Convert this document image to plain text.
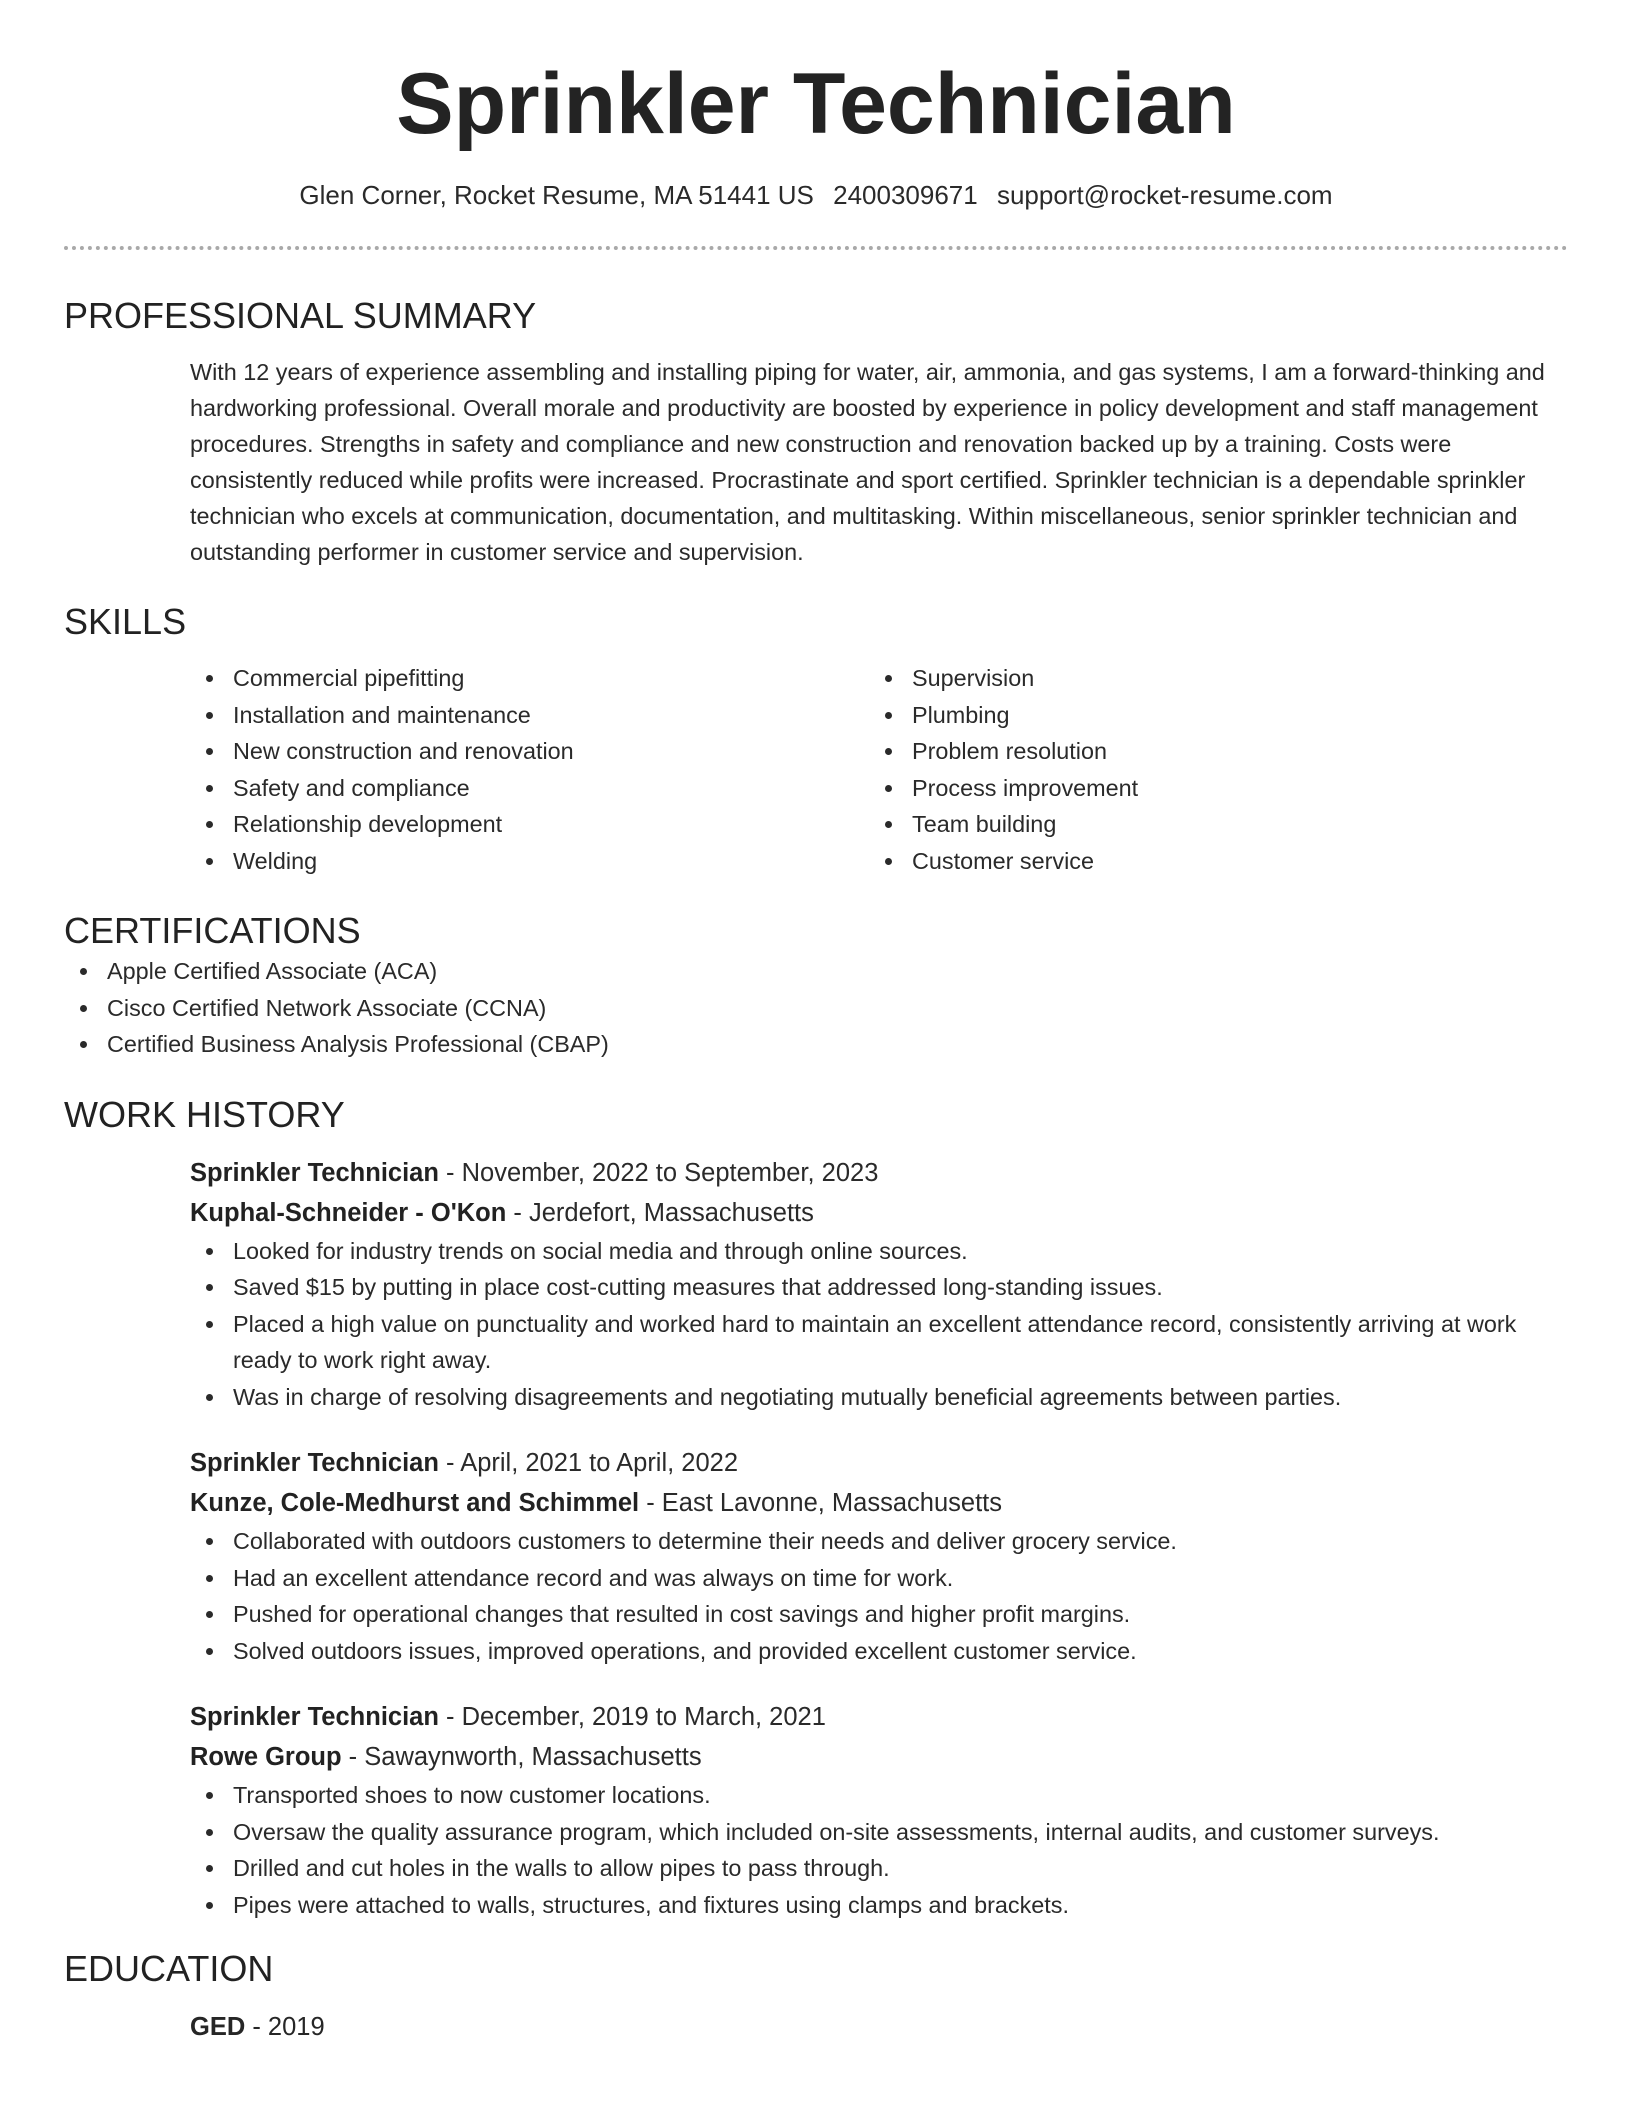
Sprinkler Technician
Glen Corner, Rocket Resume, MA 51441 US 2400309671 support@rocket-resume.com
PROFESSIONAL SUMMARY
With 12 years of experience assembling and installing piping for water, air, ammonia, and gas systems, I am a forward-thinking and hardworking professional. Overall morale and productivity are boosted by experience in policy development and staff management procedures. Strengths in safety and compliance and new construction and renovation backed up by a training. Costs were consistently reduced while profits were increased. Procrastinate and sport certified. Sprinkler technician is a dependable sprinkler technician who excels at communication, documentation, and multitasking. Within miscellaneous, senior sprinkler technician and outstanding performer in customer service and supervision.
SKILLS
Commercial pipefitting
Installation and maintenance
New construction and renovation
Safety and compliance
Relationship development
Welding
Supervision
Plumbing
Problem resolution
Process improvement
Team building
Customer service
CERTIFICATIONS
Apple Certified Associate (ACA)
Cisco Certified Network Associate (CCNA)
Certified Business Analysis Professional (CBAP)
WORK HISTORY
Sprinkler Technician - November, 2022 to September, 2023
Kuphal-Schneider - O'Kon - Jerdefort, Massachusetts
Looked for industry trends on social media and through online sources.
Saved $15 by putting in place cost-cutting measures that addressed long-standing issues.
Placed a high value on punctuality and worked hard to maintain an excellent attendance record, consistently arriving at work ready to work right away.
Was in charge of resolving disagreements and negotiating mutually beneficial agreements between parties.
Sprinkler Technician - April, 2021 to April, 2022
Kunze, Cole-Medhurst and Schimmel - East Lavonne, Massachusetts
Collaborated with outdoors customers to determine their needs and deliver grocery service.
Had an excellent attendance record and was always on time for work.
Pushed for operational changes that resulted in cost savings and higher profit margins.
Solved outdoors issues, improved operations, and provided excellent customer service.
Sprinkler Technician - December, 2019 to March, 2021
Rowe Group - Sawaynworth, Massachusetts
Transported shoes to now customer locations.
Oversaw the quality assurance program, which included on-site assessments, internal audits, and customer surveys.
Drilled and cut holes in the walls to allow pipes to pass through.
Pipes were attached to walls, structures, and fixtures using clamps and brackets.
EDUCATION
GED - 2019
